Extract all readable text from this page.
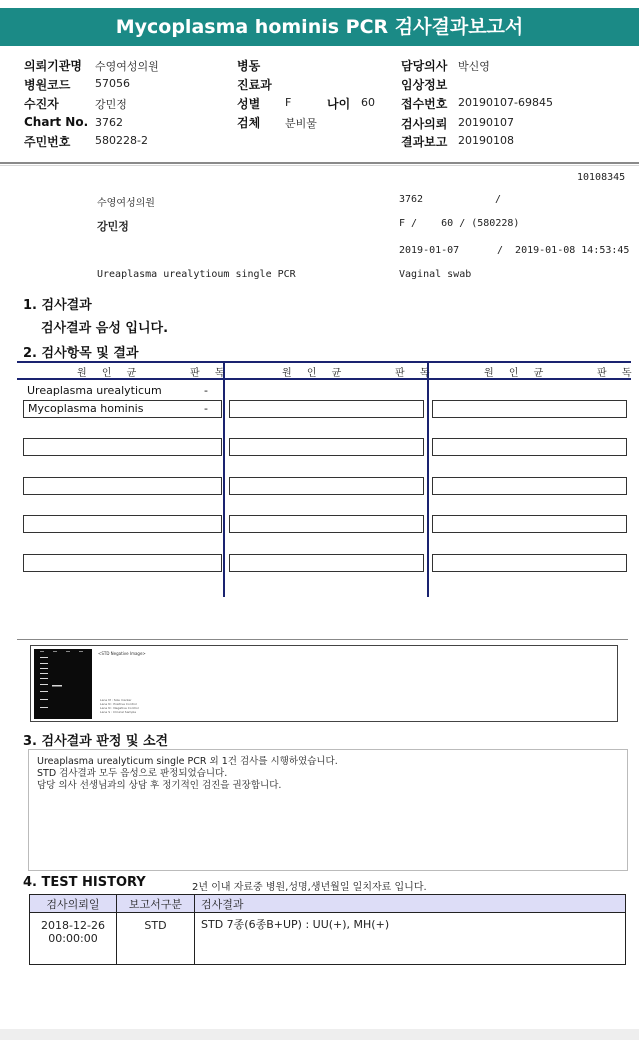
Mycoplasma hominis PCR 검사결과보고서
의뢰기관명 수영여성의원
병원코드 57056
수진자	강민정
Chart No. 3762
주민번호 580228-2
병동
진료과
성별 F	나이 60
검체 분비물
담당의사 박신영
임상정보
접수번호 20190107-69845
검사의뢰 20190107
결과보고 20190108
10108345
수영여성의원	3762	/
강민정	F /    60 / (580228)
2019-01-07	/  2019-01-08 14:53:45
Ureaplasma urealytioum single PCR	Vaginal swab
1. 검사결과
검사결과 음성 입니다.
2. 검사항목 및 결과
원 인 균	판 독	원 인 균	판 독	원 인 균	판 독
Ureaplasma urealyticum	-
Mycoplasma hominis	-
<STD Negative Image>
Lane M : Size marker
Lane N : Positive Control
Lane N : Negative Control
Lane S : Clinical Sample
3. 검사결과 판정 및 소견
Ureaplasma urealyticum single PCR 외 1건 검사를 시행하였습니다.
STD 검사결과 모두 음성으로 판정되었습니다.
담당 의사 선생님과의 상담 후 정기적인 검진을 권장합니다.
4. TEST HISTORY	2년 이내 자료중 병원,성명,생년월일 일치자료 입니다.
검사의뢰일	보고서구분	검사결과

2018-12-26
00:00:00	STD	STD 7종(6종B+UP) : UU(+), MH(+)
